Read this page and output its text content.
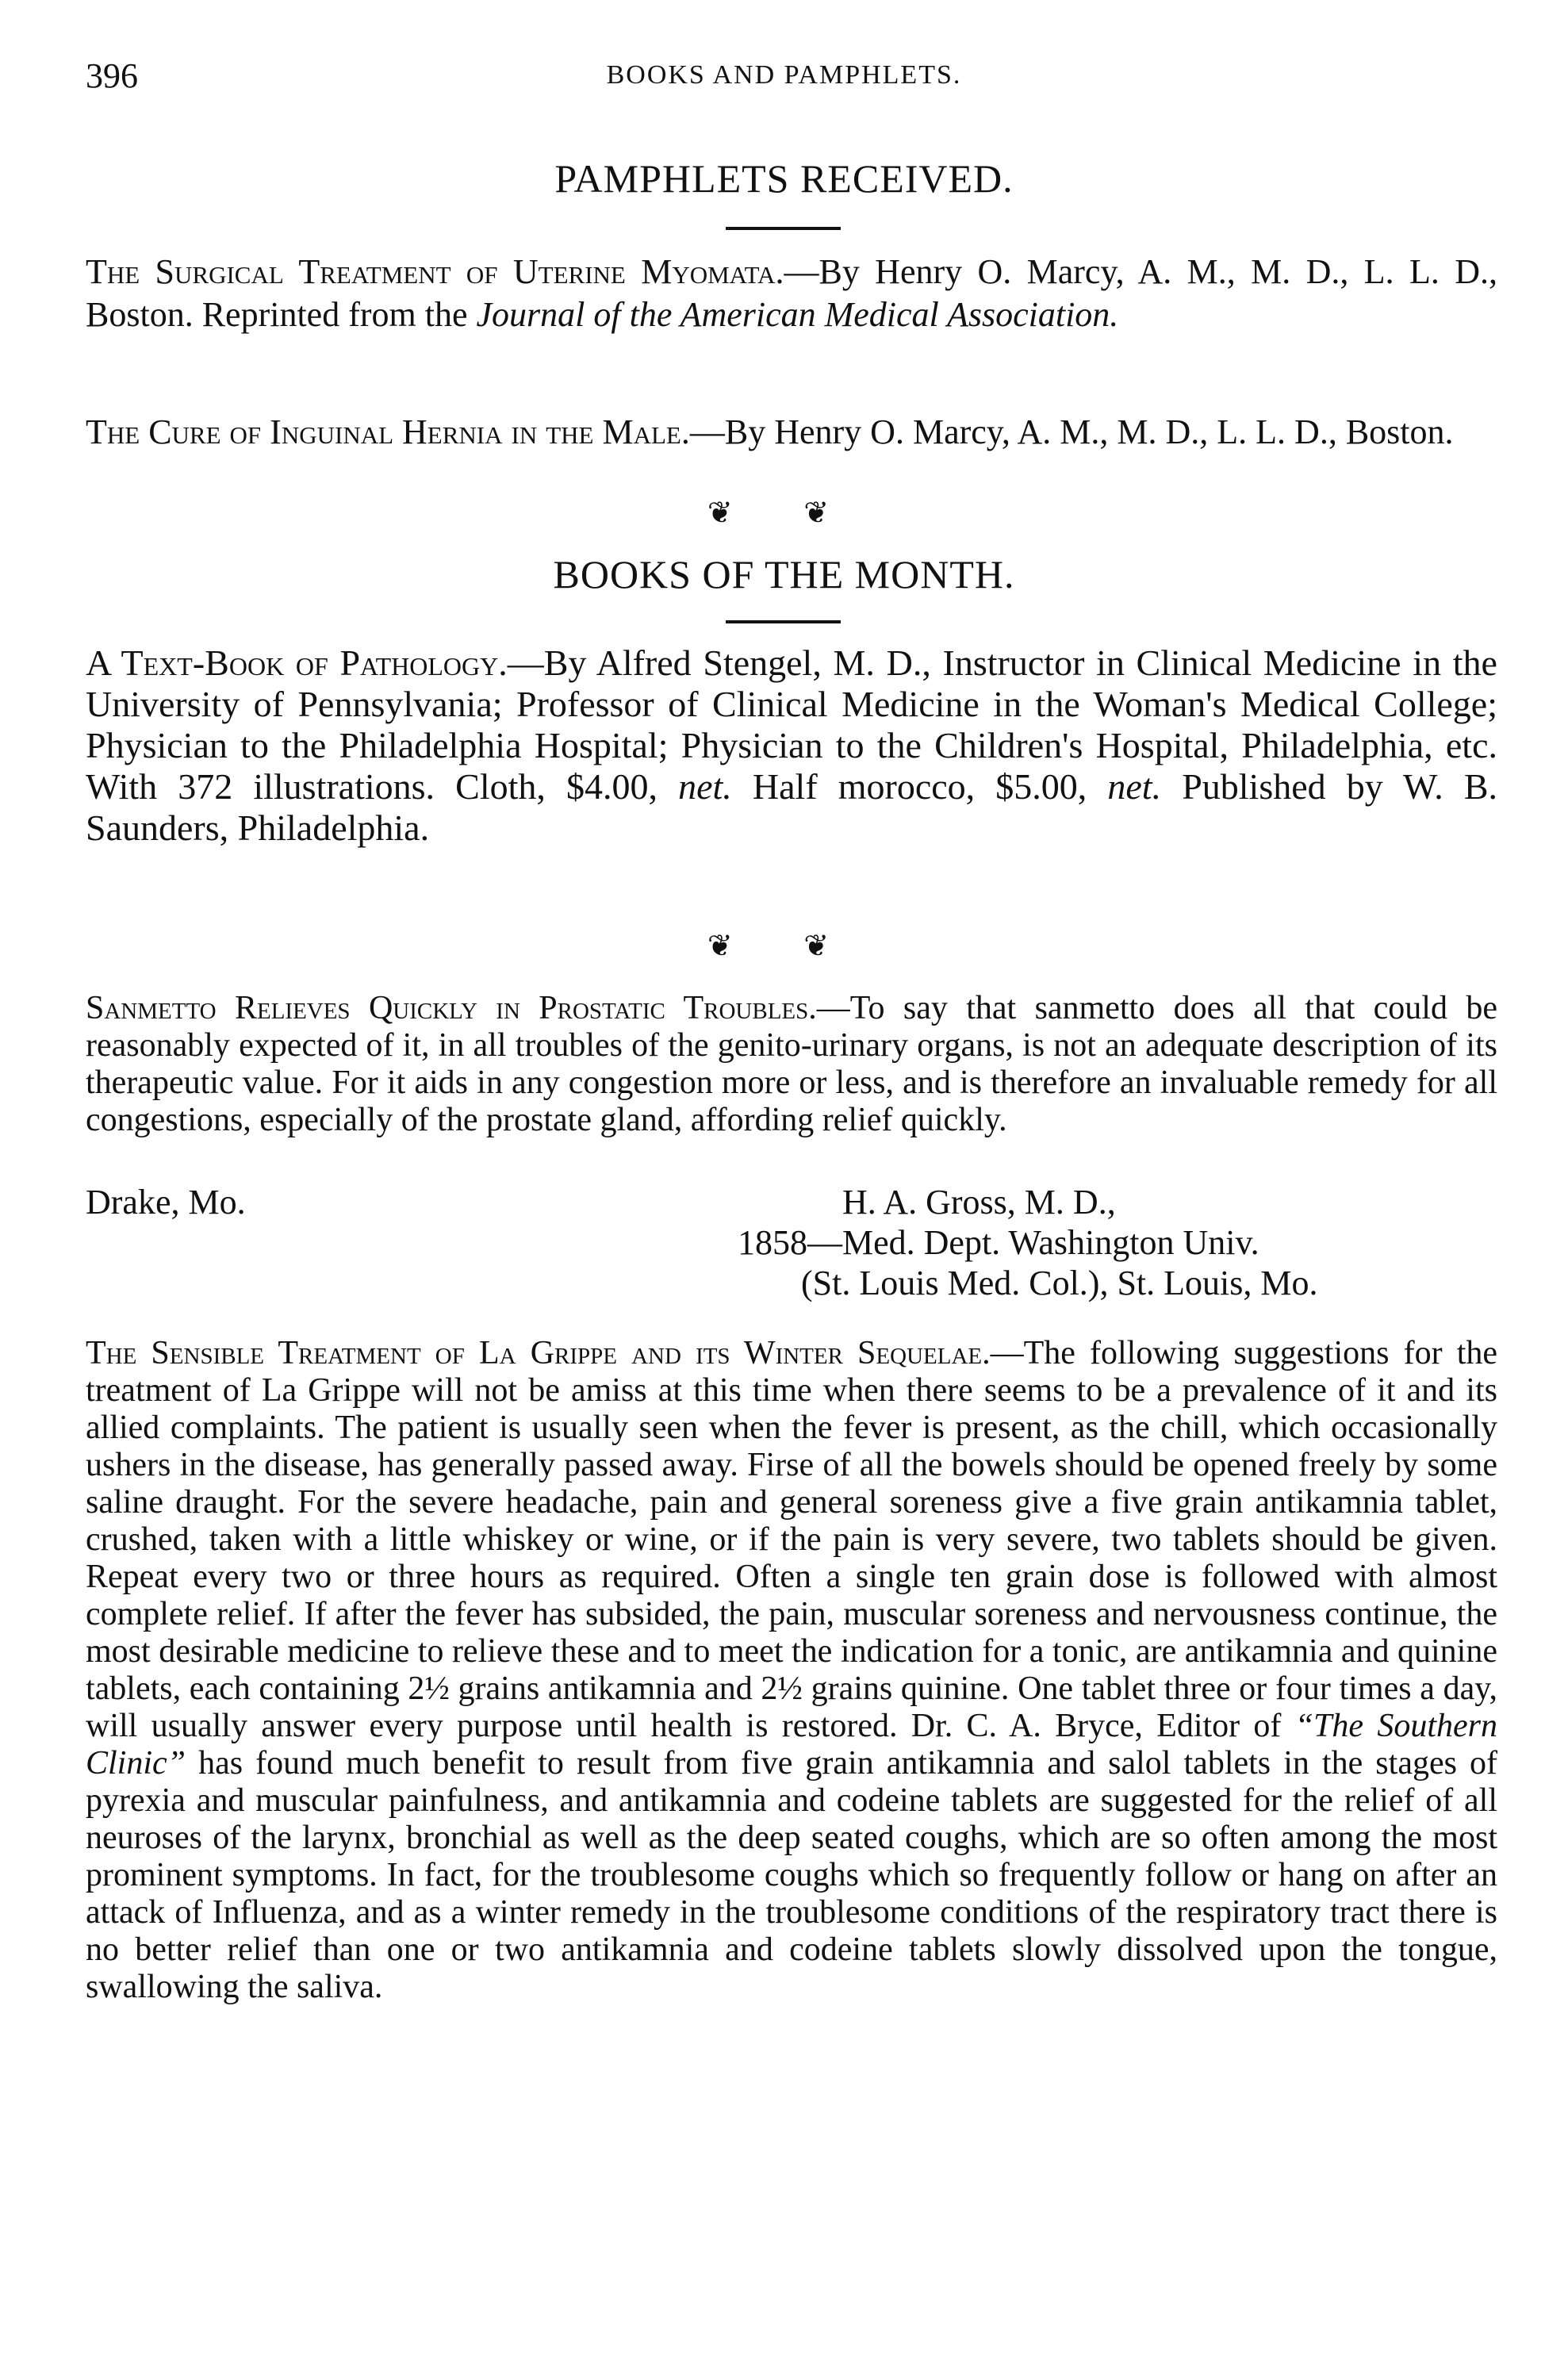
396	BOOKS AND PAMPHLETS.
PAMPHLETS RECEIVED.
The Surgical Treatment of Uterine Myomata.—By Henry O. Marcy, A. M., M. D., L. L. D., Boston. Reprinted from the Journal of the American Medical Association.
The Cure of Inguinal Hernia in the Male.—By Henry O. Marcy, A. M., M. D., L. L. D., Boston.
❦ ❦
BOOKS OF THE MONTH.
A Text-Book of Pathology.—By Alfred Stengel, M. D., Instructor in Clinical Medicine in the University of Pennsylvania; Professor of Clinical Medicine in the Woman's Medical College; Physician to the Philadelphia Hospital; Physician to the Children's Hospital, Philadelphia, etc. With 372 illustrations. Cloth, $4.00, net. Half morocco, $5.00, net. Published by W. B. Saunders, Philadelphia.
❦ ❦
Sanmetto Relieves Quickly in Prostatic Troubles.—To say that sanmetto does all that could be reasonably expected of it, in all troubles of the genito-urinary organs, is not an adequate description of its therapeutic value. For it aids in any congestion more or less, and is therefore an invaluable remedy for all congestions, especially of the prostate gland, affording relief quickly.
Drake, Mo.	H. A. Gross, M. D.,
1858—Med. Dept. Washington Univ.
(St. Louis Med. Col.), St. Louis, Mo.
The Sensible Treatment of La Grippe and its Winter Sequelae.—The following suggestions for the treatment of La Grippe will not be amiss at this time when there seems to be a prevalence of it and its allied complaints. The patient is usually seen when the fever is present, as the chill, which occasionally ushers in the disease, has generally passed away. Firse of all the bowels should be opened freely by some saline draught. For the severe headache, pain and general soreness give a five grain antikamnia tablet, crushed, taken with a little whiskey or wine, or if the pain is very severe, two tablets should be given. Repeat every two or three hours as required. Often a single ten grain dose is followed with almost complete relief. If after the fever has subsided, the pain, muscular soreness and nervousness continue, the most desirable medicine to relieve these and to meet the indication for a tonic, are antikamnia and quinine tablets, each containing 2½ grains antikamnia and 2½ grains quinine. One tablet three or four times a day, will usually answer every purpose until health is restored. Dr. C. A. Bryce, Editor of “The Southern Clinic” has found much benefit to result from five grain antikamnia and salol tablets in the stages of pyrexia and muscular painfulness, and antikamnia and codeine tablets are suggested for the relief of all neuroses of the larynx, bronchial as well as the deep seated coughs, which are so often among the most prominent symptoms. In fact, for the troublesome coughs which so frequently follow or hang on after an attack of Influenza, and as a winter remedy in the troublesome conditions of the respiratory tract there is no better relief than one or two antikamnia and codeine tablets slowly dissolved upon the tongue, swallowing the saliva.
